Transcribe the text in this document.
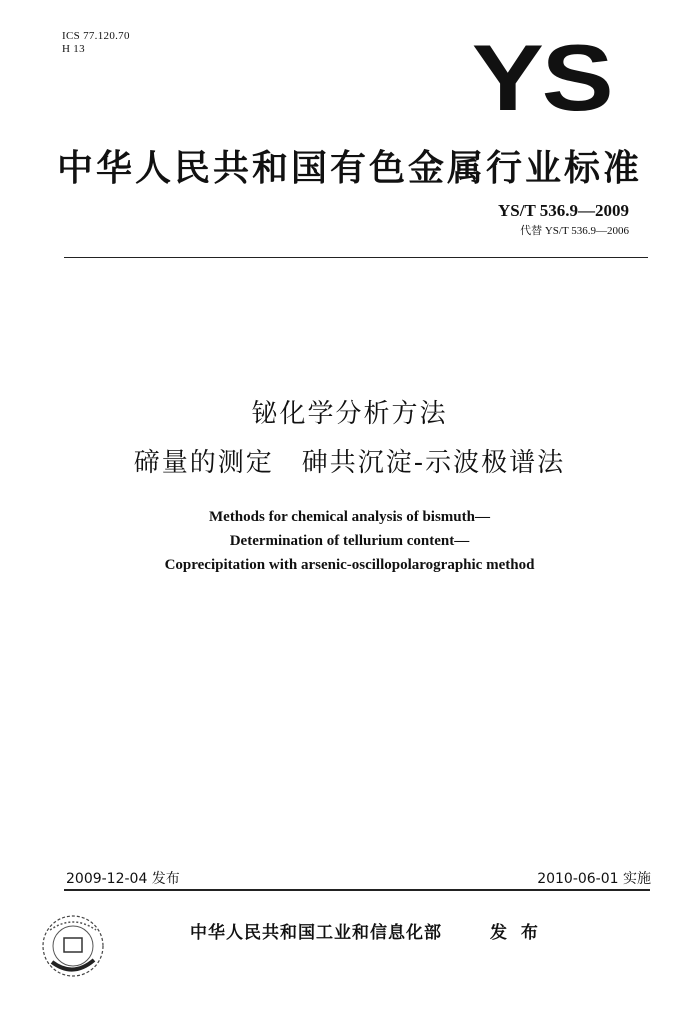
ICS 77.120.70
H 13	YS
中华人民共和国有色金属行业标准
YS/T 536.9—2009
代替 YS/T 536.9—2006
铋化学分析方法
碲量的测定　砷共沉淀-示波极谱法
Methods for chemical analysis of bismuth—
Determination of tellurium content—
Coprecipitation with arsenic-oscillopolarographic method
2009-12-04 发布	2010-06-01 实施
中华人民共和国工业和信息化部	发 布
